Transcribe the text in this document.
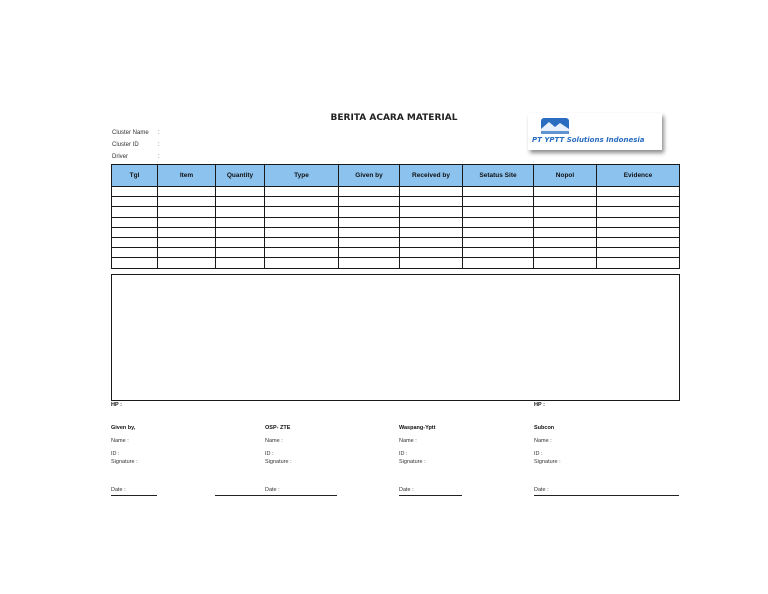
BERITA ACARA MATERIAL
Cluster Name :
Cluster ID	:
Driver	:
PT YPTT Solutions Indonesia
Tgl	Item	Quantity	Type	Given by	Received by	Setatus Site	Nopol	Evidence

HP :	HP :
Given by,
Name :
ID :
Signature :
Date :
OSP- ZTE
Name :
ID :
Signature :
Date :
Waspang-Yptt
Name :
ID :
Signature :
Date :
Subcon
Name :
ID :
Signature :
Date :
